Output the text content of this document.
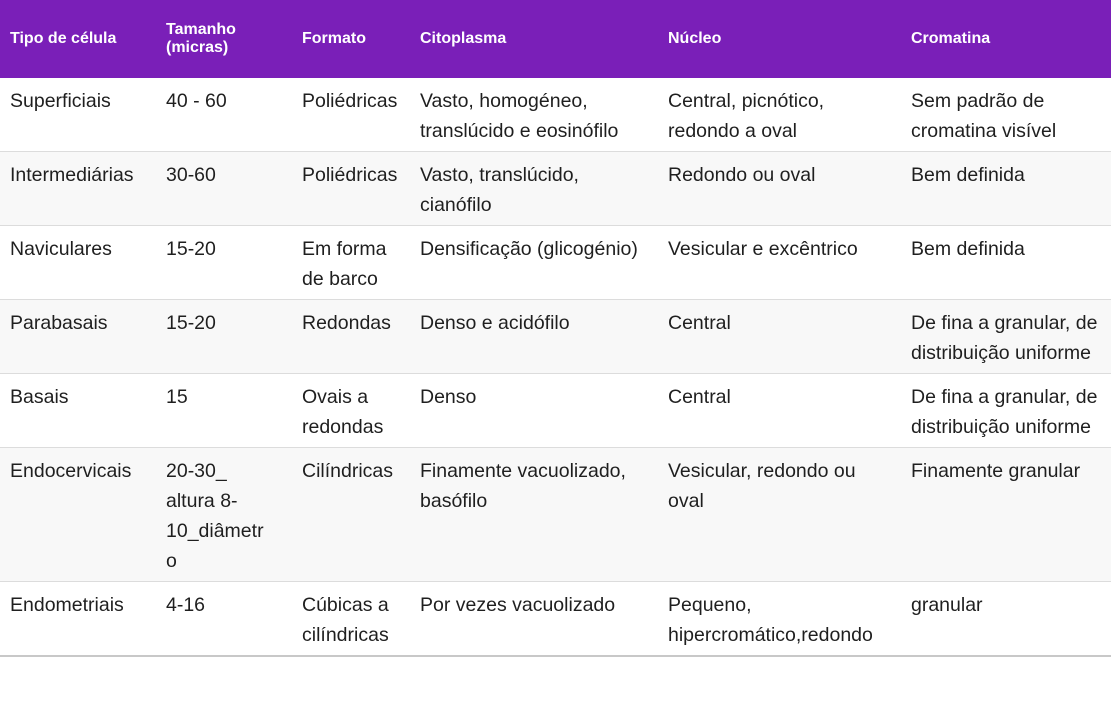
Tipo de célula	Tamanho (micras)	Formato	Citoplasma	Núcleo	Cromatina
Superficiais	40 - 60	Poliédricas	Vasto, homogéneo, translúcido e eosinófilo	Central, picnótico, redondo a oval	Sem padrão de cromatina visível
Intermediárias	30-60	Poliédricas	Vasto, translúcido, cianófilo	Redondo ou oval	Bem definida
Naviculares	15-20	Em forma de barco	Densificação (glicogénio)	Vesicular e excêntrico	Bem definida
Parabasais	15-20	Redondas	Denso e acidófilo	Central	De fina a granular, de distribuição uniforme
Basais	15	Ovais a redondas	Denso	Central	De fina a granular, de distribuição uniforme
Endocervicais	20-30_ altura 8- 10_diâmetro	Cilíndricas	Finamente vacuolizado, basófilo	Vesicular, redondo ou oval	Finamente granular
Endometriais	4-16	Cúbicas a cilíndricas	Por vezes vacuolizado	Pequeno, hipercromático,redondo	granular
